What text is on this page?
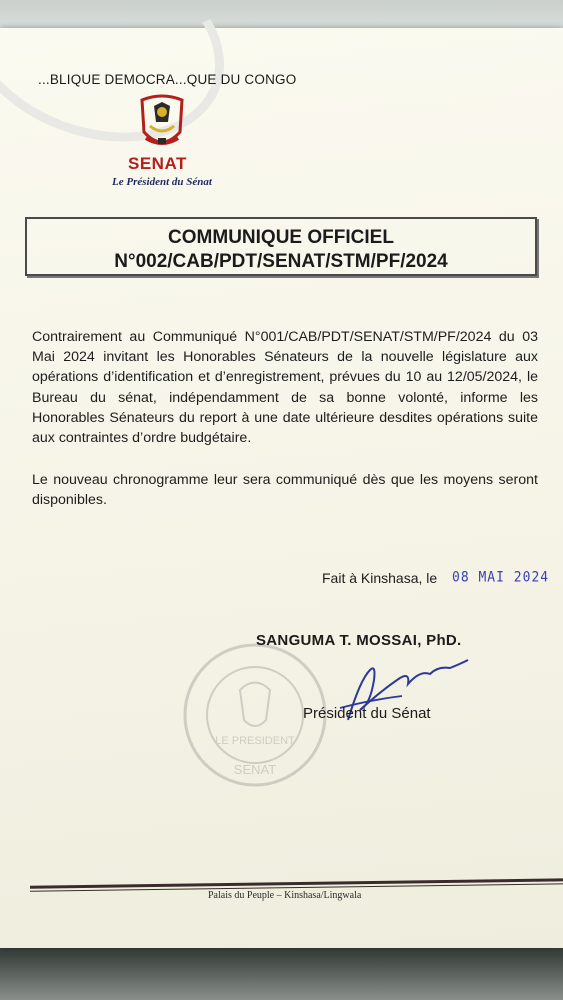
...BLIQUE DEMOCRA...QUE DU CONGO
SENAT
Le Président du Sénat
COMMUNIQUE OFFICIEL
N°002/CAB/PDT/SENAT/STM/PF/2024

Contrairement au Communiqué N°001/CAB/PDT/SENAT/STM/PF/2024 du 03 Mai 2024 invitant les Honorables Sénateurs de la nouvelle législature aux opérations d’identification et d’enregistrement, prévues du 10 au 12/05/2024, le Bureau du sénat, indépendamment de sa bonne volonté, informe les Honorables Sénateurs du report à une date ultérieure desdites opérations suite aux contraintes d’ordre budgétaire.

Le nouveau chronogramme leur sera communiqué dès que les moyens seront disponibles.

Fait à Kinshasa, le 08 MAI 2024
LE PRESIDENT
SENAT
SANGUMA T. MOSSAI, PhD.
Président du Sénat
Palais du Peuple – Kinshasa/Lingwala
